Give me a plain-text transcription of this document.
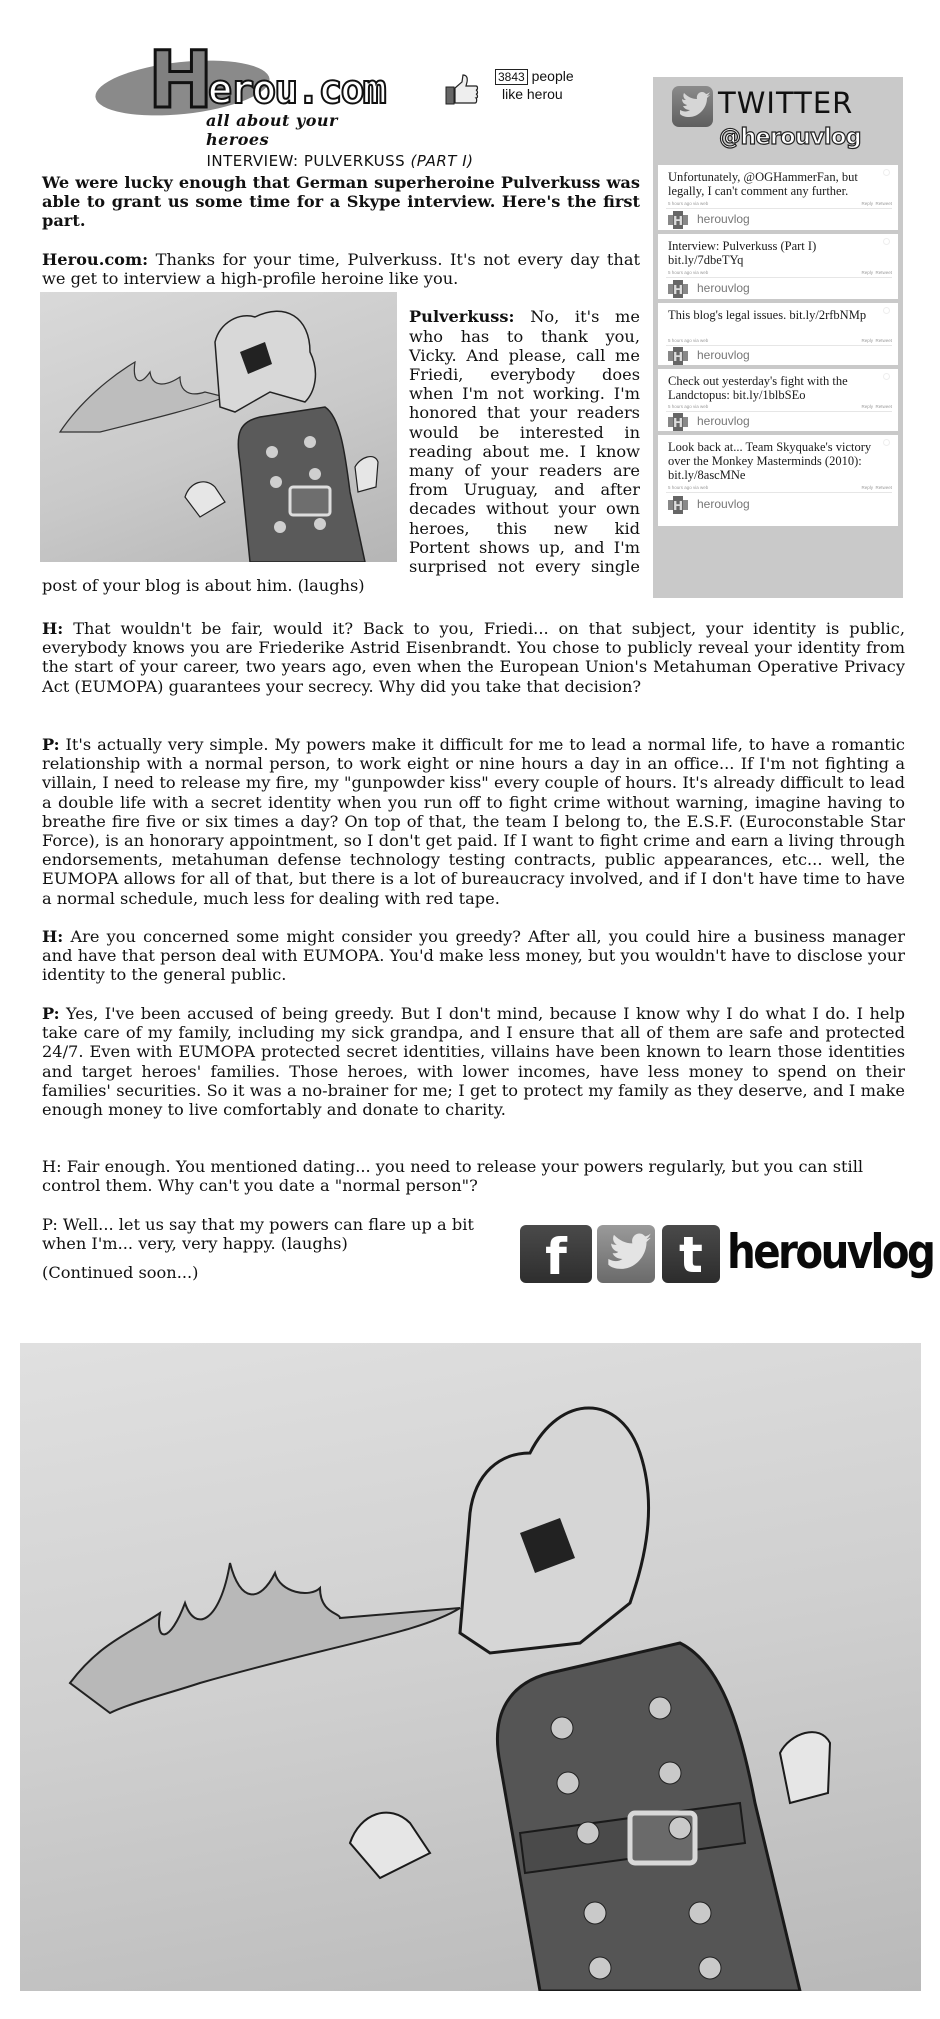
H
erou.com
all about your heroes
3843 people
like herou
INTERVIEW: PULVERKUSS (PART I)
We were lucky enough that German superheroine Pulverkuss was able to grant us some time for a Skype interview. Here's the first part.

Herou.com: Thanks for your time, Pulverkuss. It's not every day that we get to interview a high-profile heroine like you.

Pulverkuss: No, it's me who has to thank you, Vicky. And please, call me Friedi, everybody does when I'm not working. I'm honored that your readers would be interested in reading about me. I know many of your readers are from Uruguay, and after decades without your own heroes, this new kid Portent shows up, and I'm surprised not every single post of your blog is about him. (laughs)

TWITTER
@herouvlog
Unfortunately, @OGHammerFan, but legally, I can't comment any further.
5 hours ago via web	Reply Retweet
H herouvlog
Interview: Pulverkuss (Part I) bit.ly/7dbeTYq
5 hours ago via web	Reply Retweet
H herouvlog
This blog's legal issues. bit.ly/2rfbNMp
5 hours ago via web	Reply Retweet
H herouvlog
Check out yesterday's fight with the Landctopus: bit.ly/1blbSEo
5 hours ago via web	Reply Retweet
H herouvlog
Look back at... Team Skyquake's victory over the Monkey Masterminds (2010): bit.ly/8ascMNe
5 hours ago via web	Reply Retweet
H herouvlog

H: That wouldn't be fair, would it? Back to you, Friedi... on that subject, your identity is public, everybody knows you are Friederike Astrid Eisenbrandt. You chose to publicly reveal your identity from the start of your career, two years ago, even when the European Union's Metahuman Operative Privacy Act (EUMOPA) guarantees your secrecy. Why did you take that decision?

P: It's actually very simple. My powers make it difficult for me to lead a normal life, to have a romantic relationship with a normal person, to work eight or nine hours a day in an office... If I'm not fighting a villain, I need to release my fire, my "gunpowder kiss" every couple of hours. It's already difficult to lead a double life with a secret identity when you run off to fight crime without warning, imagine having to breathe fire five or six times a day? On top of that, the team I belong to, the E.S.F. (Euroconstable Star Force), is an honorary appointment, so I don't get paid. If I want to fight crime and earn a living through endorsements, metahuman defense technology testing contracts, public appearances, etc... well, the EUMOPA allows for all of that, but there is a lot of bureaucracy involved, and if I don't have time to have a normal schedule, much less for dealing with red tape.

H: Are you concerned some might consider you greedy? After all, you could hire a business manager and have that person deal with EUMOPA. You'd make less money, but you wouldn't have to disclose your identity to the general public.

P: Yes, I've been accused of being greedy. But I don't mind, because I know why I do what I do. I help take care of my family, including my sick grandpa, and I ensure that all of them are safe and protected 24/7. Even with EUMOPA protected secret identities, villains have been known to learn those identities and target heroes' families. Those heroes, with lower incomes, have less money to spend on their families' securities. So it was a no-brainer for me; I get to protect my family as they deserve, and I make enough money to live comfortably and donate to charity.

H: Fair enough. You mentioned dating... you need to release your powers regularly, but you can still control them. Why can't you date a "normal person"?

P: Well... let us say that my powers can flare up a bit when I'm... very, very happy. (laughs)

(Continued soon...)	f	t herouvlog
